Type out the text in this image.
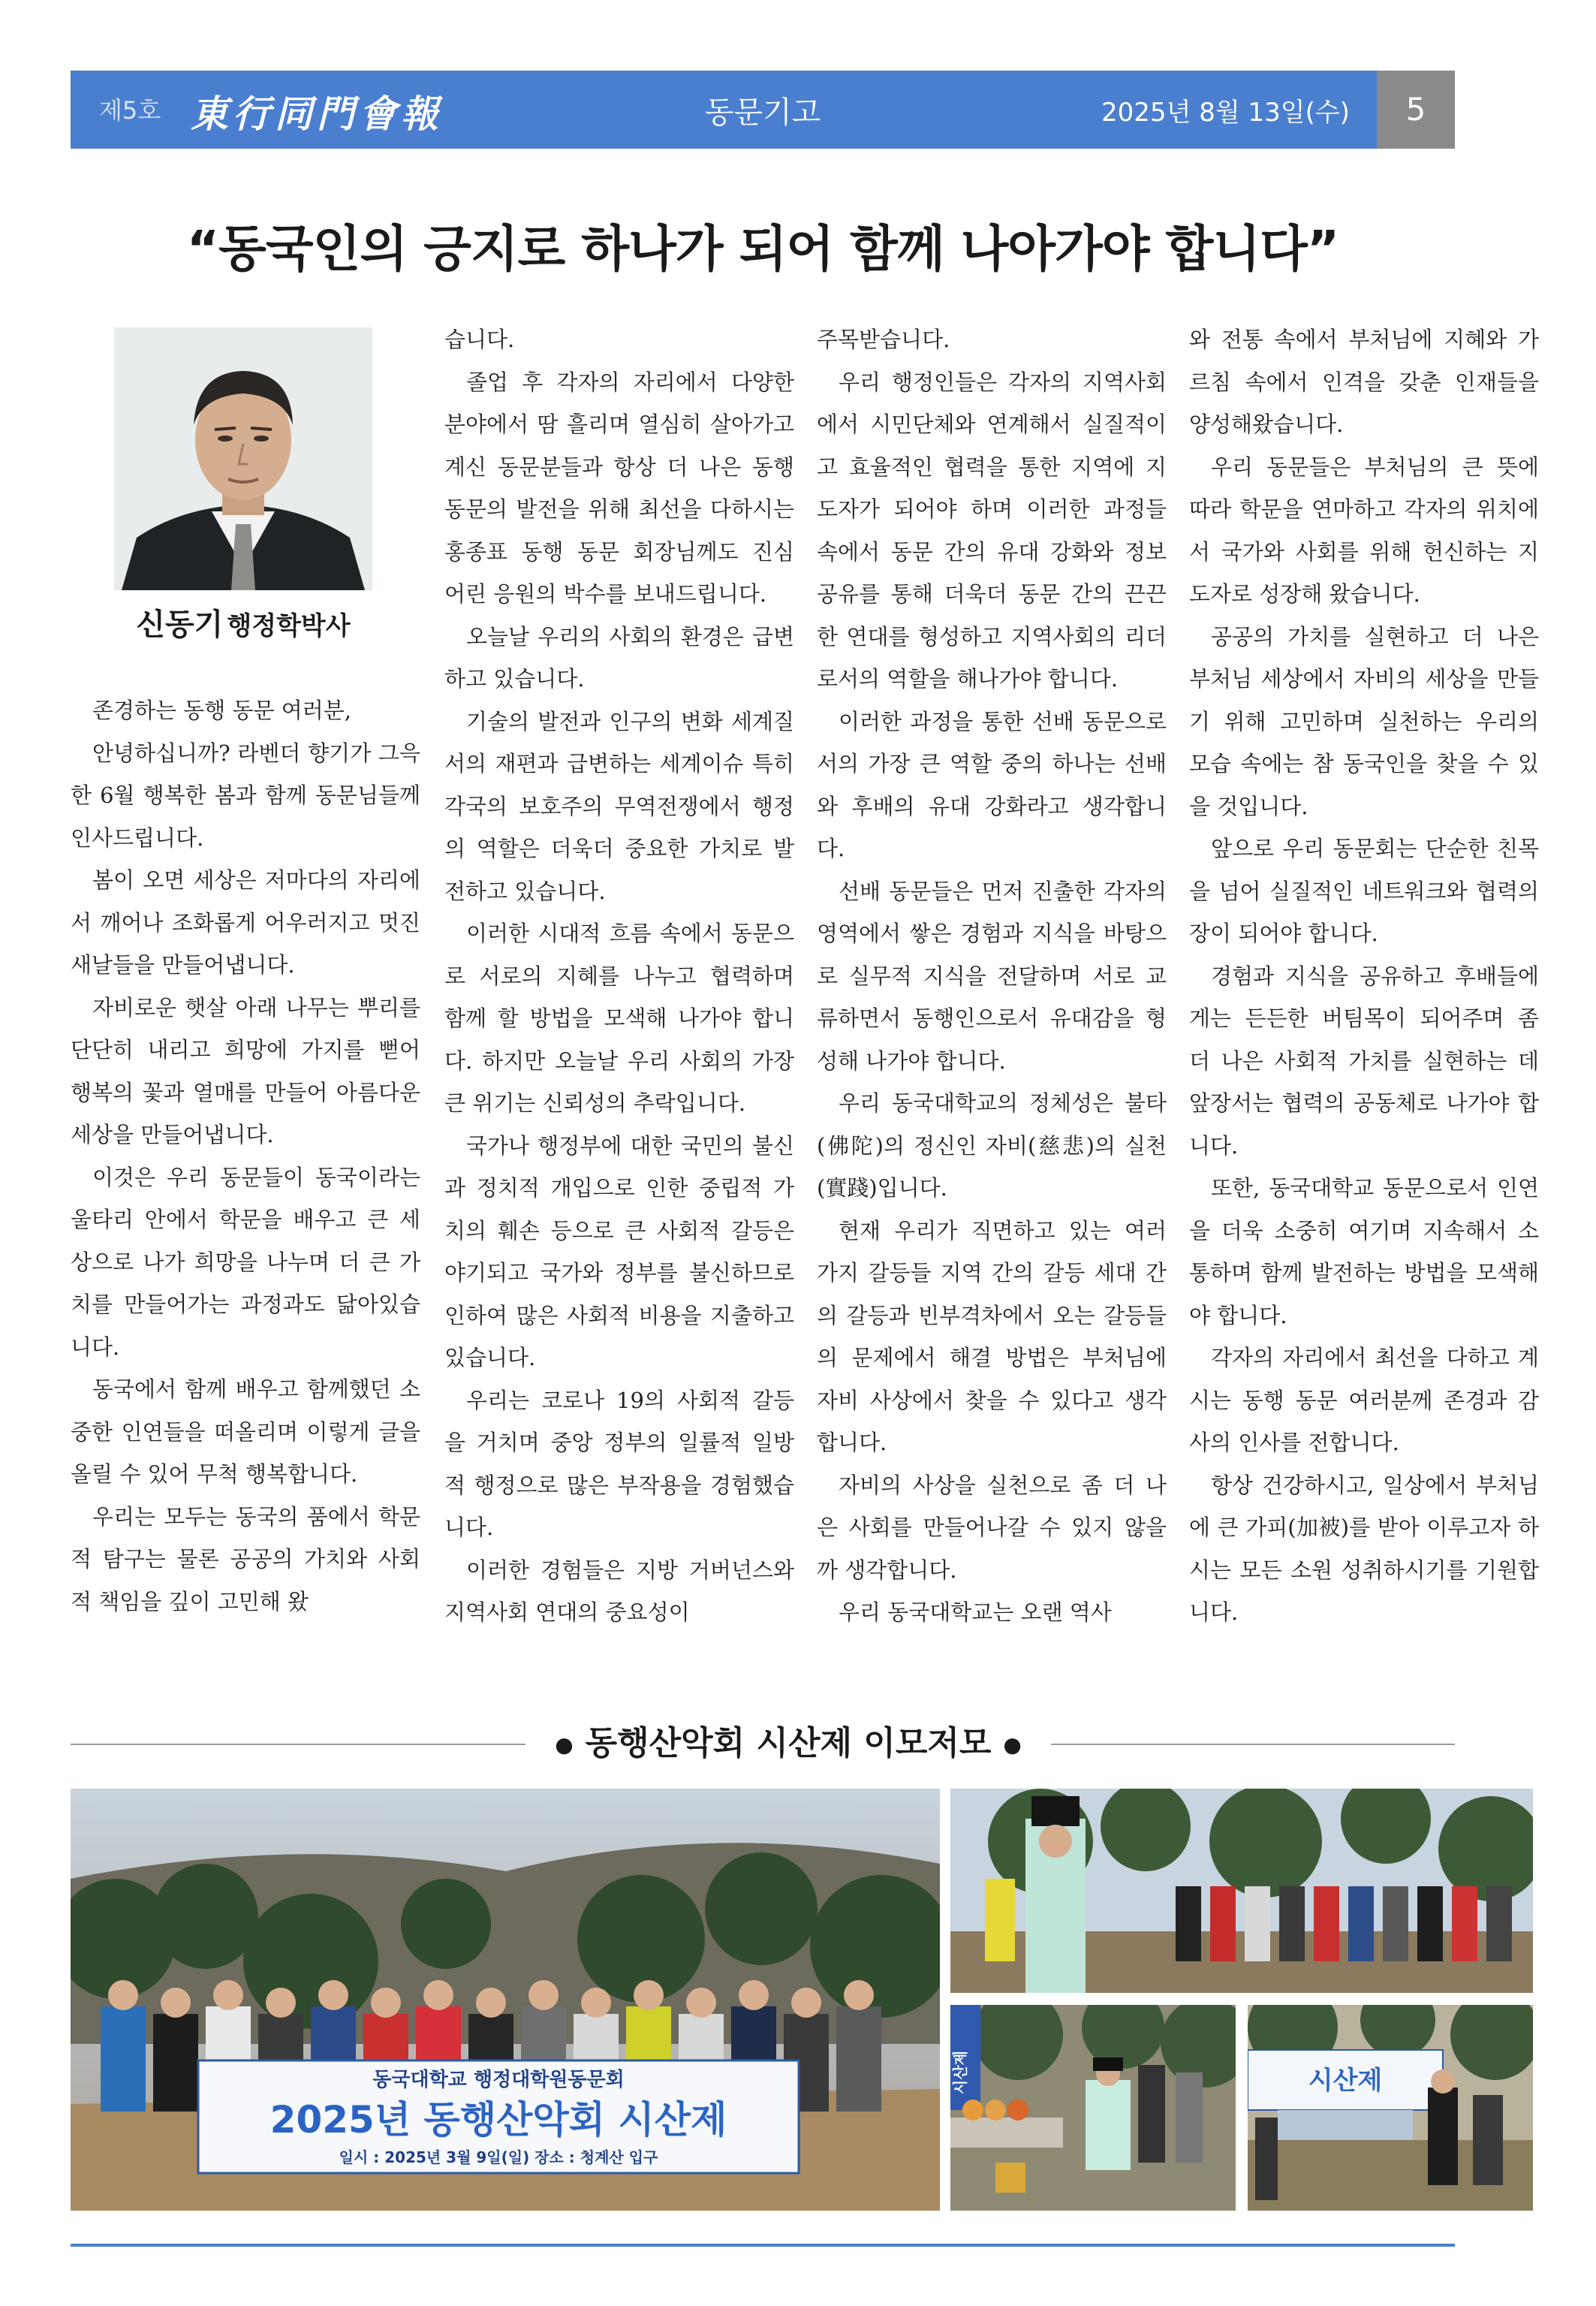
제5호 東行同門會報	동문기고	2025년 8월 13일(수)	5
“동국인의 긍지로 하나가 되어 함께 나아가야 합니다”
신동기 행정학박사

존경하는 동행 동문 여러분,

안녕하십니까? 라벤더 향기가 그윽한 6월 행복한 봄과 함께 동문님들께 인사드립니다.

봄이 오면 세상은 저마다의 자리에서 깨어나 조화롭게 어우러지고 멋진 새날들을 만들어냅니다.

자비로운 햇살 아래 나무는 뿌리를 단단히 내리고 희망에 가지를 뻗어 행복의 꽃과 열매를 만들어 아름다운 세상을 만들어냅니다.

이것은 우리 동문들이 동국이라는 울타리 안에서 학문을 배우고 큰 세상으로 나가 희망을 나누며 더 큰 가치를 만들어가는 과정과도 닮아있습니다.

동국에서 함께 배우고 함께했던 소중한 인연들을 떠올리며 이렇게 글을 올릴 수 있어 무척 행복합니다.

우리는 모두는 동국의 품에서 학문적 탐구는 물론 공공의 가치와 사회적 책임을 깊이 고민해 왔

습니다.

졸업 후 각자의 자리에서 다양한 분야에서 땀 흘리며 열심히 살아가고 계신 동문분들과 항상 더 나은 동행 동문의 발전을 위해 최선을 다하시는 홍종표 동행 동문 회장님께도 진심 어린 응원의 박수를 보내드립니다.

오늘날 우리의 사회의 환경은 급변하고 있습니다.

기술의 발전과 인구의 변화 세계질서의 재편과 급변하는 세계이슈 특히 각국의 보호주의 무역전쟁에서 행정의 역할은 더욱더 중요한 가치로 발전하고 있습니다.

이러한 시대적 흐름 속에서 동문으로 서로의 지혜를 나누고 협력하며 함께 할 방법을 모색해 나가야 합니다. 하지만 오늘날 우리 사회의 가장 큰 위기는 신뢰성의 추락입니다.

국가나 행정부에 대한 국민의 불신과 정치적 개입으로 인한 중립적 가치의 훼손 등으로 큰 사회적 갈등은 야기되고 국가와 정부를 불신하므로 인하여 많은 사회적 비용을 지출하고 있습니다.

우리는 코로나 19의 사회적 갈등을 거치며 중앙 정부의 일률적 일방적 행정으로 많은 부작용을 경험했습니다.

이러한 경험들은 지방 거버넌스와 지역사회 연대의 중요성이

주목받습니다.

우리 행정인들은 각자의 지역사회에서 시민단체와 연계해서 실질적이고 효율적인 협력을 통한 지역에 지도자가 되어야 하며 이러한 과정들 속에서 동문 간의 유대 강화와 정보공유를 통해 더욱더 동문 간의 끈끈한 연대를 형성하고 지역사회의 리더로서의 역할을 해나가야 합니다.

이러한 과정을 통한 선배 동문으로서의 가장 큰 역할 중의 하나는 선배와 후배의 유대 강화라고 생각합니다.

선배 동문들은 먼저 진출한 각자의 영역에서 쌓은 경험과 지식을 바탕으로 실무적 지식을 전달하며 서로 교류하면서 동행인으로서 유대감을 형성해 나가야 합니다.

우리 동국대학교의 정체성은 불타(佛陀)의 정신인 자비(慈悲)의 실천(實踐)입니다.

현재 우리가 직면하고 있는 여러 가지 갈등들 지역 간의 갈등 세대 간의 갈등과 빈부격차에서 오는 갈등들의 문제에서 해결 방법은 부처님에 자비 사상에서 찾을 수 있다고 생각합니다.

자비의 사상을 실천으로 좀 더 나은 사회를 만들어나갈 수 있지 않을까 생각합니다.

우리 동국대학교는 오랜 역사

와 전통 속에서 부처님에 지혜와 가르침 속에서 인격을 갖춘 인재들을 양성해왔습니다.

우리 동문들은 부처님의 큰 뜻에 따라 학문을 연마하고 각자의 위치에서 국가와 사회를 위해 헌신하는 지도자로 성장해 왔습니다.

공공의 가치를 실현하고 더 나은 부처님 세상에서 자비의 세상을 만들기 위해 고민하며 실천하는 우리의 모습 속에는 참 동국인을 찾을 수 있을 것입니다.

앞으로 우리 동문회는 단순한 친목을 넘어 실질적인 네트워크와 협력의 장이 되어야 합니다.

경험과 지식을 공유하고 후배들에게는 든든한 버팀목이 되어주며 좀 더 나은 사회적 가치를 실현하는 데 앞장서는 협력의 공동체로 나가야 합니다.

또한, 동국대학교 동문으로서 인연을 더욱 소중히 여기며 지속해서 소통하며 함께 발전하는 방법을 모색해야 합니다.

각자의 자리에서 최선을 다하고 계시는 동행 동문 여러분께 존경과 감사의 인사를 전합니다.

항상 건강하시고, 일상에서 부처님에 큰 가피(加被)를 받아 이루고자 하시는 모든 소원 성취하시기를 기원합니다.

● 동행산악회 시산제 이모저모 ●
동국대학교 행정대학원동문회
2025년 동행산악회 시산제
일시 : 2025년 3월 9일(일) 장소 : 청계산 입구
시산제	시산제
